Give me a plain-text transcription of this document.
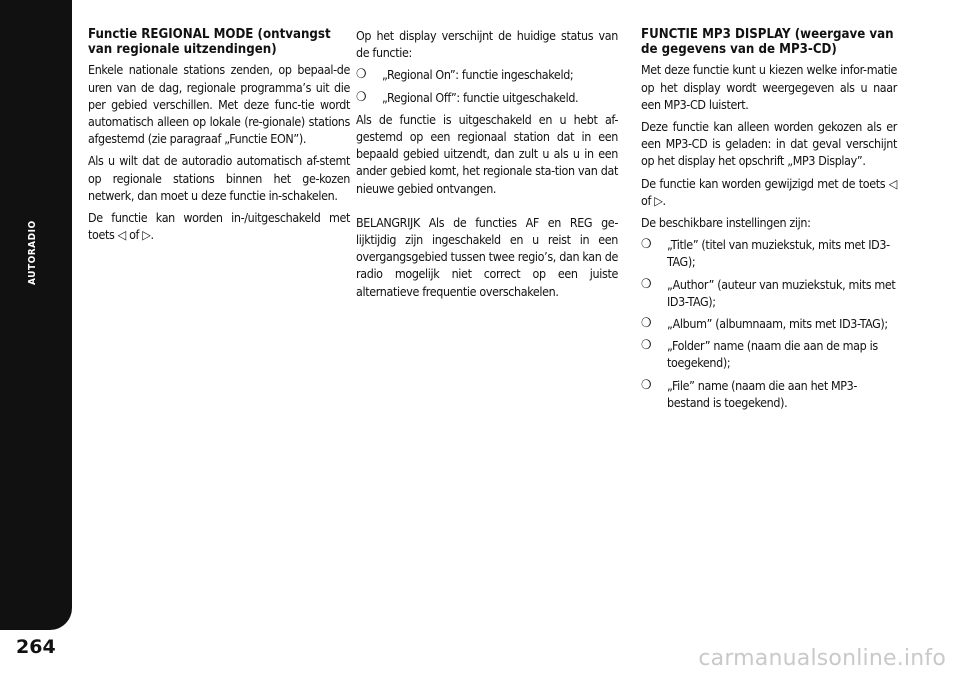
AUTORADIO
264
Functie REGIONAL MODE (ontvangst van regionale uitzendingen)

Enkele nationale stations zenden, op bepaal-de uren van de dag, regionale programma’s uit die per gebied verschillen. Met deze func-tie wordt automatisch alleen op lokale (re-gionale) stations afgestemd (zie paragraaf „Functie EON”).

Als u wilt dat de autoradio automatisch af-stemt op regionale stations binnen het ge-kozen netwerk, dan moet u deze functie in-schakelen.

De functie kan worden in-/uitgeschakeld met toets ◁ of ▷.

Op het display verschijnt de huidige status van de functie:

❍ „Regional On”: functie ingeschakeld;
❍ „Regional Off”: functie uitgeschakeld.

Als de functie is uitgeschakeld en u hebt af-gestemd op een regionaal station dat in een bepaald gebied uitzendt, dan zult u als u in een ander gebied komt, het regionale sta-tion van dat nieuwe gebied ontvangen.

BELANGRIJK Als de functies AF en REG ge-lijktijdig zijn ingeschakeld en u reist in een overgangsgebied tussen twee regio’s, dan kan de radio mogelijk niet correct op een juiste alternatieve frequentie overschakelen.

FUNCTIE MP3 DISPLAY (weergave van de gegevens van de MP3-CD)

Met deze functie kunt u kiezen welke infor-matie op het display wordt weergegeven als u naar een MP3-CD luistert.

Deze functie kan alleen worden gekozen als er een MP3-CD is geladen: in dat geval verschijnt op het display het opschrift „MP3 Display”.

De functie kan worden gewijzigd met de toets ◁ of ▷.

De beschikbare instellingen zijn:

❍ „Title” (titel van muziekstuk, mits met ID3-TAG);
❍ „Author” (auteur van muziekstuk, mits met ID3-TAG);
❍ „Album” (albumnaam, mits met ID3-TAG);
❍ „Folder” name (naam die aan de map is toegekend);
❍ „File” name (naam die aan het MP3-bestand is toegekend).
carmanualsonline.info
